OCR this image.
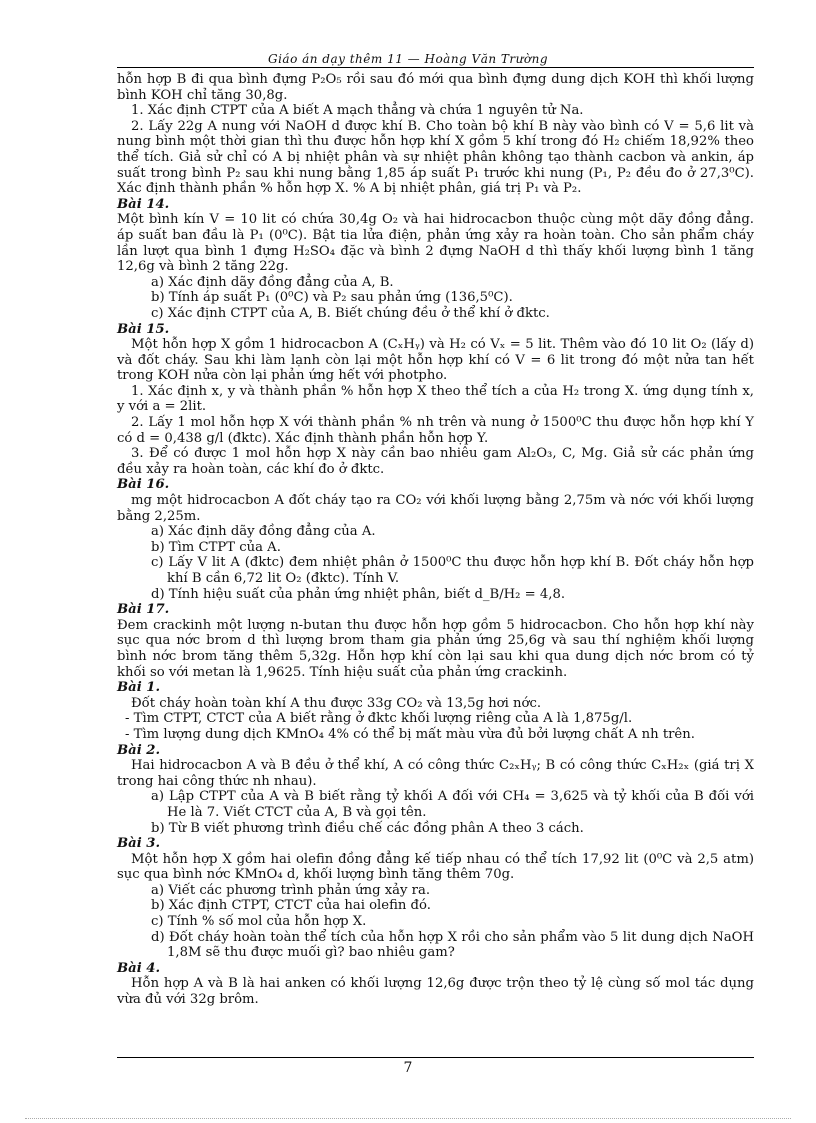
Giáo án dạy thêm 11 — Hoàng Văn Trường
hỗn hợp B đi qua bình đựng P₂O₅ rồi sau đó mới qua bình đựng dung dịch KOH thì khối lượng bình KOH chỉ tăng 30,8g.
1. Xác định CTPT của A biết A mạch thẳng và chứa 1 nguyên tử Na.
2. Lấy 22g A nung với NaOH d được khí B. Cho toàn bộ khí B này vào bình có V = 5,6 lit và nung bình một thời gian thì thu được hỗn hợp khí X gồm 5 khí trong đó H₂ chiếm 18,92% theo thể tích. Giả sử chỉ có A bị nhiệt phân và sự nhiệt phân không tạo thành cacbon và ankin, áp suất trong bình P₂ sau khi nung bằng 1,85 áp suất P₁ trước khi nung (P₁, P₂ đều đo ở 27,3⁰C). Xác định thành phần % hỗn hợp X. % A bị nhiệt phân, giá trị P₁ và P₂.
Bài 14.
Một bình kín V = 10 lit có chứa 30,4g O₂ và hai hidrocacbon thuộc cùng một dãy đồng đẳng. áp suất ban đầu là P₁ (0⁰C). Bật tia lửa điện, phản ứng xảy ra hoàn toàn. Cho sản phẩm cháy lần lượt qua bình 1 đựng H₂SO₄ đặc và bình 2 đựng NaOH d thì thấy khối lượng bình 1 tăng 12,6g và bình 2 tăng 22g.
a) Xác định dãy đồng đẳng của A, B.
b) Tính áp suất P₁ (0⁰C) và P₂ sau phản ứng (136,5⁰C).
c) Xác định CTPT của A, B. Biết chúng đều ở thể khí ở đktc.
Bài 15.
Một hỗn hợp X gồm 1 hidrocacbon A (CₓHᵧ) và H₂ có Vₓ = 5 lit. Thêm vào đó 10 lit O₂ (lấy d) và đốt cháy. Sau khi làm lạnh còn lại một hỗn hợp khí có V = 6 lit trong đó một nửa tan hết trong KOH nửa còn lại phản ứng hết với photpho.
1. Xác định x, y và thành phần % hỗn hợp X theo thể tích a của H₂ trong X. ứng dụng tính x, y với a = 2lit.
2. Lấy 1 mol hỗn hợp X với thành phần % nh trên và nung ở 1500⁰C thu được hỗn hợp khí Y có d = 0,438 g/l (đktc). Xác định thành phần hỗn hợp Y.
3. Để có được 1 mol hỗn hợp X này cần bao nhiêu gam Al₂O₃, C, Mg. Giả sử các phản ứng đều xảy ra hoàn toàn, các khí đo ở đktc.
Bài 16.
mg một hidrocacbon A đốt cháy tạo ra CO₂ với khối lượng bằng 2,75m và nớc với khối lượng bằng 2,25m.
a) Xác định dãy đồng đẳng của A.
b) Tìm CTPT của A.
c) Lấy V lit A (đktc) đem nhiệt phân ở 1500⁰C thu được hỗn hợp khí B. Đốt cháy hỗn hợp khí B cần 6,72 lit O₂ (đktc). Tính V.
d) Tính hiệu suất của phản ứng nhiệt phân, biết d_B/H₂ = 4,8.
Bài 17.
Đem crackinh một lượng n-butan thu được hỗn hợp gồm 5 hidrocacbon. Cho hỗn hợp khí này sục qua nớc brom d thì lượng brom tham gia phản ứng 25,6g và sau thí nghiệm khối lượng bình nớc brom tăng thêm 5,32g. Hỗn hợp khí còn lại sau khi qua dung dịch nớc brom có tỷ khối so với metan là 1,9625. Tính hiệu suất của phản ứng crackinh.
Bài 1.
Đốt cháy hoàn toàn khí A thu được 33g CO₂ và 13,5g hơi nớc.
- Tìm CTPT, CTCT của A biết rằng ở đktc khối lượng riêng của A là 1,875g/l.
- Tìm lượng dung dịch KMnO₄ 4% có thể bị mất màu vừa đủ bởi lượng chất A nh trên.
Bài 2.
Hai hidrocacbon A và B đều ở thể khí, A có công thức C₂ₓHᵧ; B có công thức CₓH₂ₓ (giá trị X trong hai công thức nh nhau).
a) Lập CTPT của A và B biết rằng tỷ khối A đối với CH₄ = 3,625 và tỷ khối của B đối với He là 7. Viết CTCT của A, B và gọi tên.
b) Từ B viết phương trình điều chế các đồng phân A theo 3 cách.
Bài 3.
Một hỗn hợp X gồm hai olefin đồng đẳng kế tiếp nhau có thể tích 17,92 lit (0⁰C và 2,5 atm) sục qua bình nớc KMnO₄ d, khối lượng bình tăng thêm 70g.
a) Viết các phương trình phản ứng xảy ra.
b) Xác định CTPT, CTCT của hai olefin đó.
c) Tính % số mol của hỗn hợp X.
d) Đốt cháy hoàn toàn thể tích của hỗn hợp X rồi cho sản phẩm vào 5 lit dung dịch NaOH 1,8M sẽ thu được muối gì? bao nhiêu gam?
Bài 4.
Hỗn hợp A và B là hai anken có khối lượng 12,6g được trộn theo tỷ lệ cùng số mol tác dụng vừa đủ với 32g brôm.
7
